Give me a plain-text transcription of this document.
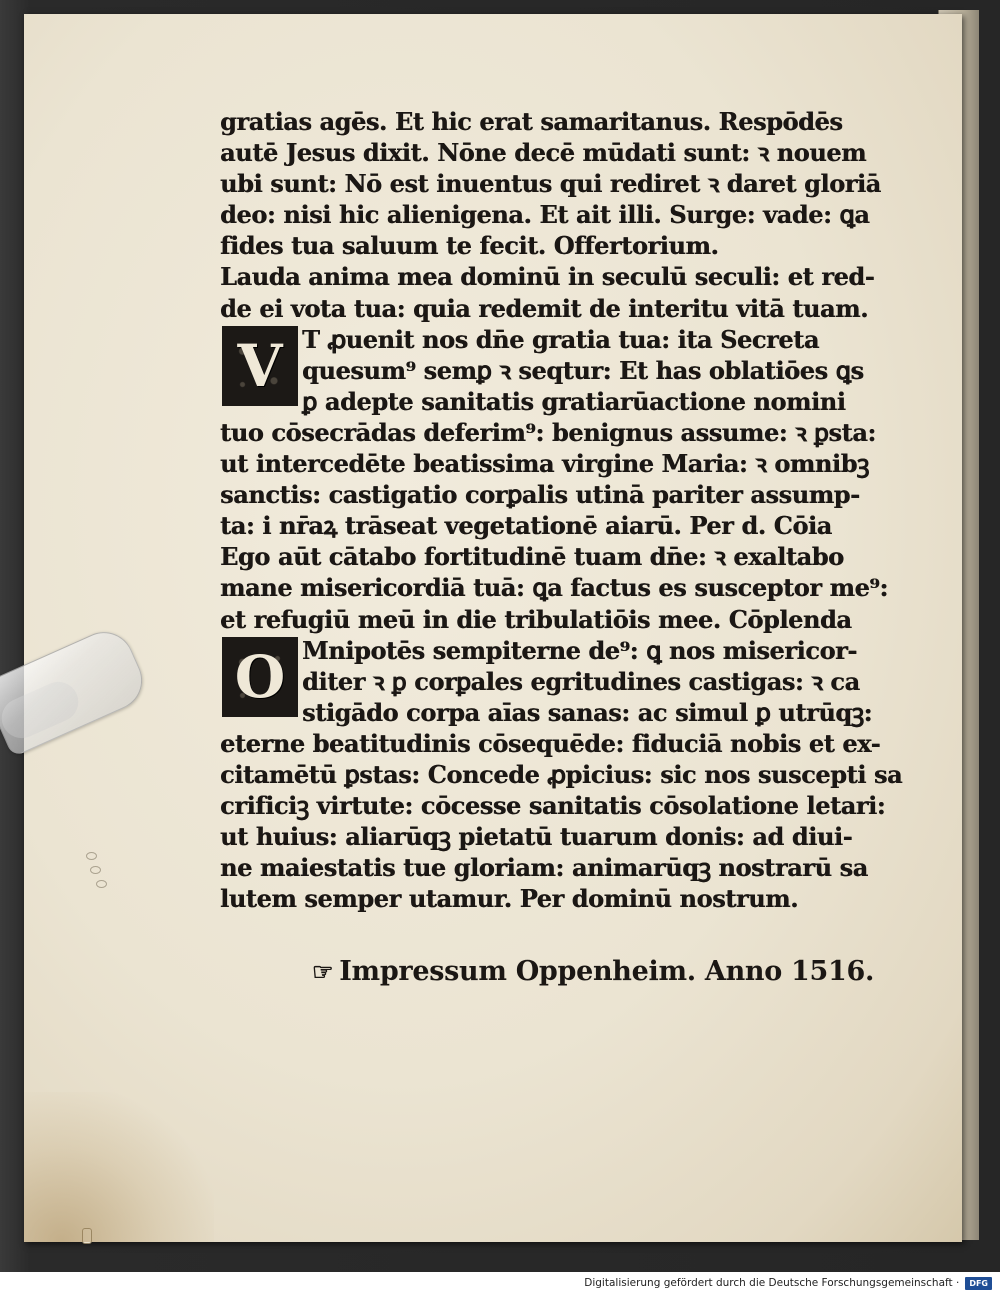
gratias agēs. Et hic erat samaritanus. Respōdēs
autē Jesus dixit. Nōne decē mūdati sunt: ꝛ nouem
ubi sunt: Nō est inuentus qui rediret ꝛ daret gloriā
deo: nisi hic alienigena. Et ait illi. Surge: vade: ꝗa
fides tua saluum te fecit. Offertorium.
Lauda anima mea dominū in seculū seculi: et red-
de ei vota tua: quia redemit de interitu vitā tuam.
T ꝓuenit nos dn̄e gratia tua: ita Secreta
quesum⁹ semꝑ ꝛ seqtur: Et has oblatiōes ꝗs
ꝑ adepte sanitatis gratiarūactione nomini
tuo cōsecrādas deferim⁹: benignus assume: ꝛ ꝑsta:
ut intercedēte beatissima virgine Maria: ꝛ omnibꝫ
sanctis: castigatio corꝑalis utinā pariter assump-
ta: i nr̄aꝝ trāseat vegetationē aiarū. Per d. Cōia
Ego aūt cātabo fortitudinē tuam dn̄e: ꝛ exaltabo
mane misericordiā tuā: ꝗa factus es susceptor me⁹:
et refugiū meū in die tribulatiōis mee. Cōplenda
Mnipotēs sempiterne de⁹: ꝗ nos misericor-
diter ꝛ ꝑ corꝑales egritudines castigas: ꝛ ca
stigādo corpa aīas sanas: ac simul ꝑ utrūqꝫ:
eterne beatitudinis cōsequēde: fiduciā nobis et ex-
citamētū ꝑstas: Concede ꝓpicius: sic nos suscepti sa
crificiꝫ virtute: cōcesse sanitatis cōsolatione letari:
ut huius: aliarūqꝫ pietatū tuarum donis: ad diui-
ne maiestatis tue gloriam: animarūqꝫ nostrarū sa
lutem semper utamur. Per dominū nostrum.
V
O
☞ Impressum Oppenheim. Anno 1516.
Digitalisierung gefördert durch die Deutsche Forschungsgemeinschaft ·	DFG
